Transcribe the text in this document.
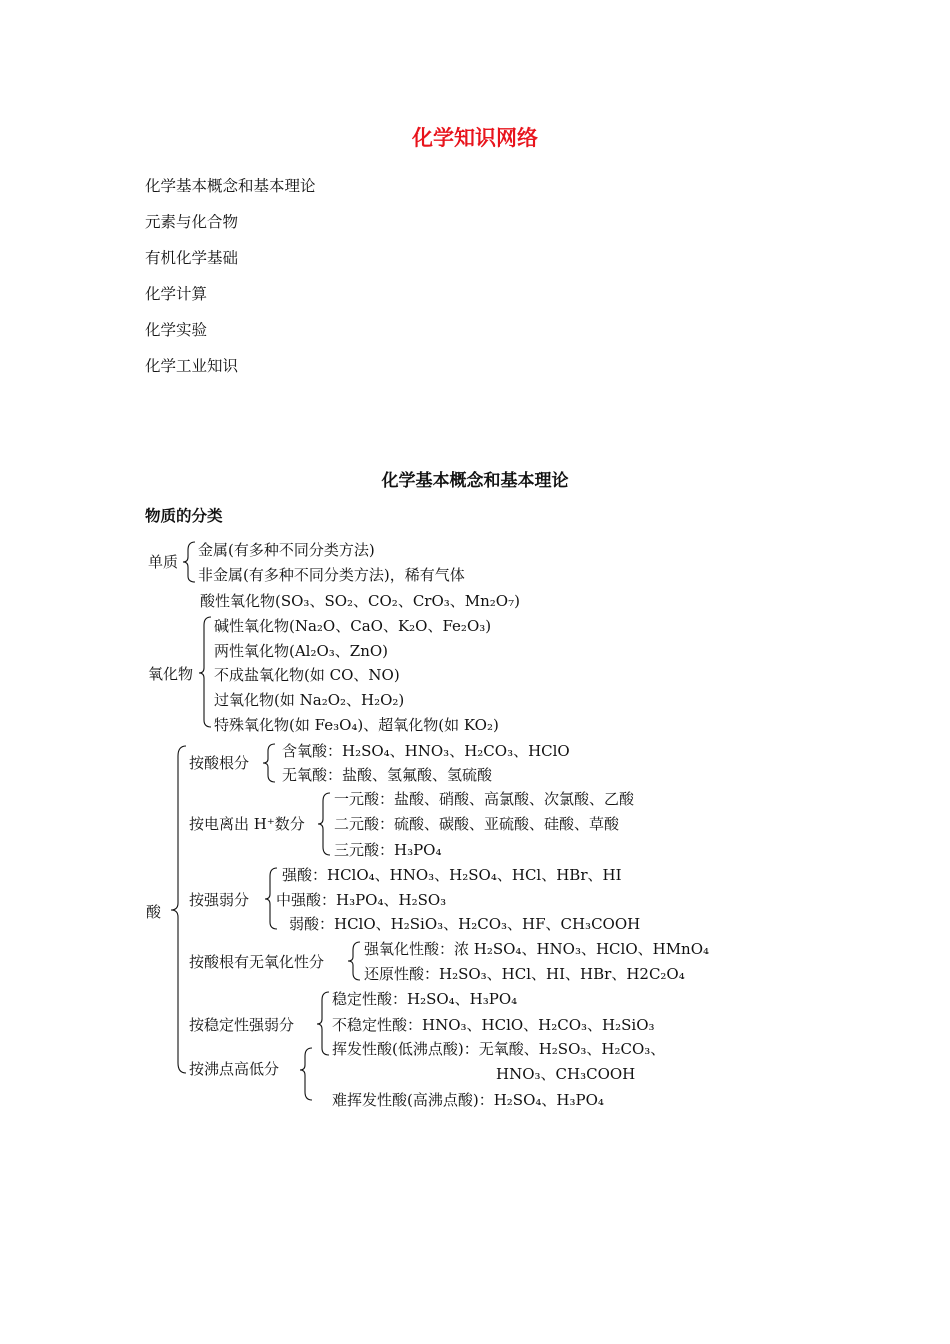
化学知识网络
化学基本概念和基本理论
元素与化合物
有机化学基础
化学计算
化学实验
化学工业知识
化学基本概念和基本理论
物质的分类
单质
金属(有多种不同分类方法)
非金属(有多种不同分类方法)，稀有气体
酸性氧化物(SO₃、SO₂、CO₂、CrO₃、Mn₂O₇)
氧化物
碱性氧化物(Na₂O、CaO、K₂O、Fe₂O₃)
两性氧化物(Al₂O₃、ZnO)
不成盐氧化物(如 CO、NO)
过氧化物(如 Na₂O₂、H₂O₂)
特殊氧化物(如 Fe₃O₄)、超氧化物(如 KO₂)
酸
按酸根分
含氧酸：H₂SO₄、HNO₃、H₂CO₃、HClO
无氧酸：盐酸、氢氟酸、氢硫酸
按电离出 H⁺数分
一元酸：盐酸、硝酸、高氯酸、次氯酸、乙酸
二元酸：硫酸、碳酸、亚硫酸、硅酸、草酸
三元酸：H₃PO₄
按强弱分
强酸：HClO₄、HNO₃、H₂SO₄、HCl、HBr、HI
中强酸：H₃PO₄、H₂SO₃
弱酸：HClO、H₂SiO₃、H₂CO₃、HF、CH₃COOH
按酸根有无氧化性分
强氧化性酸：浓 H₂SO₄、HNO₃、HClO、HMnO₄
还原性酸：H₂SO₃、HCl、HI、HBr、H2C₂O₄
按稳定性强弱分
稳定性酸：H₂SO₄、H₃PO₄
不稳定性酸：HNO₃、HClO、H₂CO₃、H₂SiO₃
按沸点高低分
挥发性酸(低沸点酸)：无氧酸、H₂SO₃、H₂CO₃、
HNO₃、CH₃COOH
难挥发性酸(高沸点酸)：H₂SO₄、H₃PO₄
